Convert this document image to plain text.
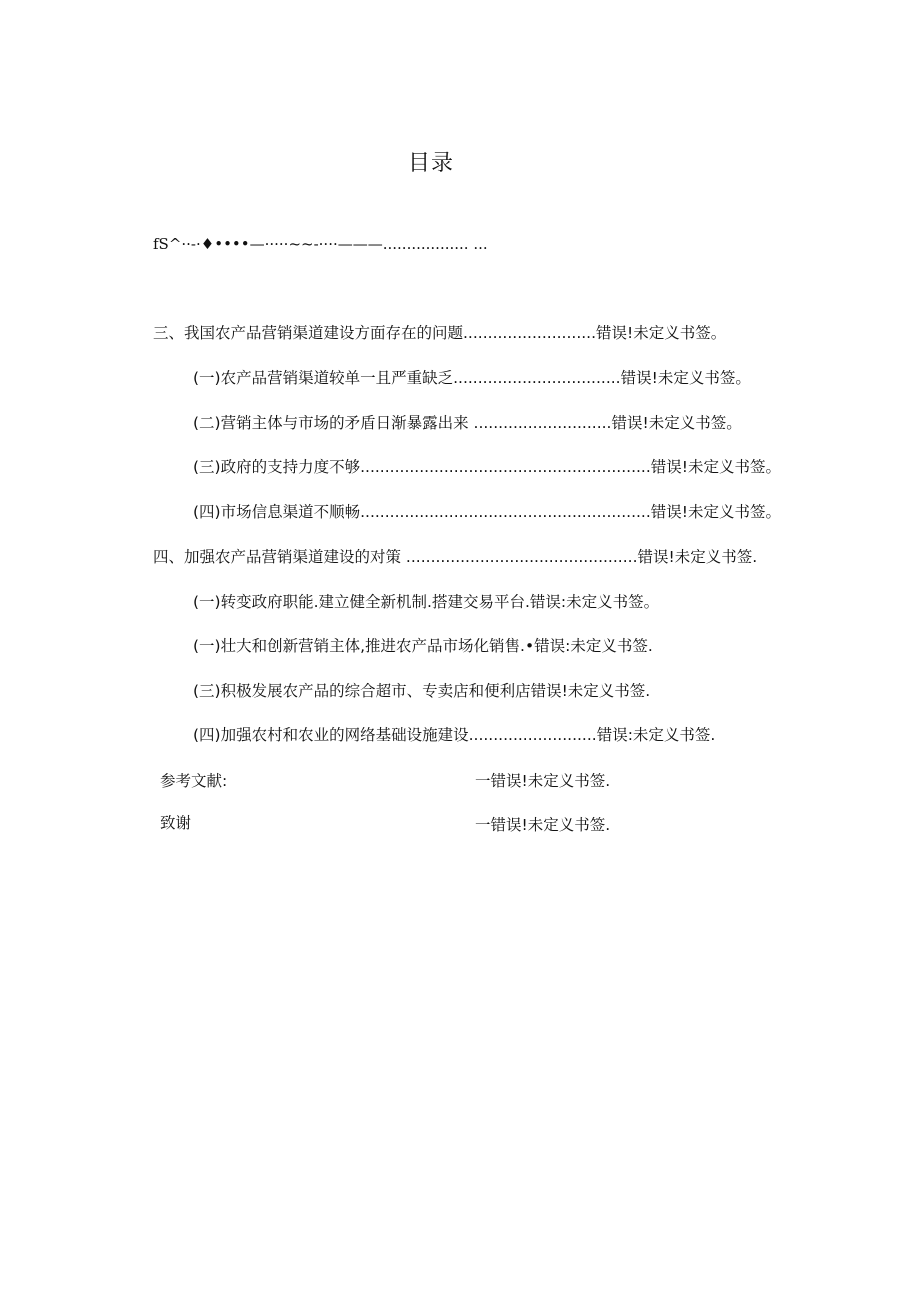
目录
fS^··-·♦••••—·····~~-····———.................. ...
三、我国农产品营销渠道建设方面存在的问题...........................错误!未定义书签。
(一)农产品营销渠道较单一且严重缺乏..................................错误!未定义书签。
(二)营销主体与市场的矛盾日渐暴露出来 ............................错误!未定义书签。
(三)政府的支持力度不够...........................................................错误!未定义书签。
(四)市场信息渠道不顺畅...........................................................错误!未定义书签。
四、加强农产品营销渠道建设的对策 ...............................................错误!未定义书签.
(一)转变政府职能.建立健全新机制.搭建交易平台.错误:未定义书签。
(一)壮大和创新营销主体,推进农产品市场化销售.•错误:未定义书签.
(三)积极发展农产品的综合超市、专卖店和便利店错误!未定义书签.
(四)加强农村和农业的网络基础设施建设..........................错误:未定义书签.
参考文献:	一错误!未定义书签.
致谢	一错误!未定义书签.
